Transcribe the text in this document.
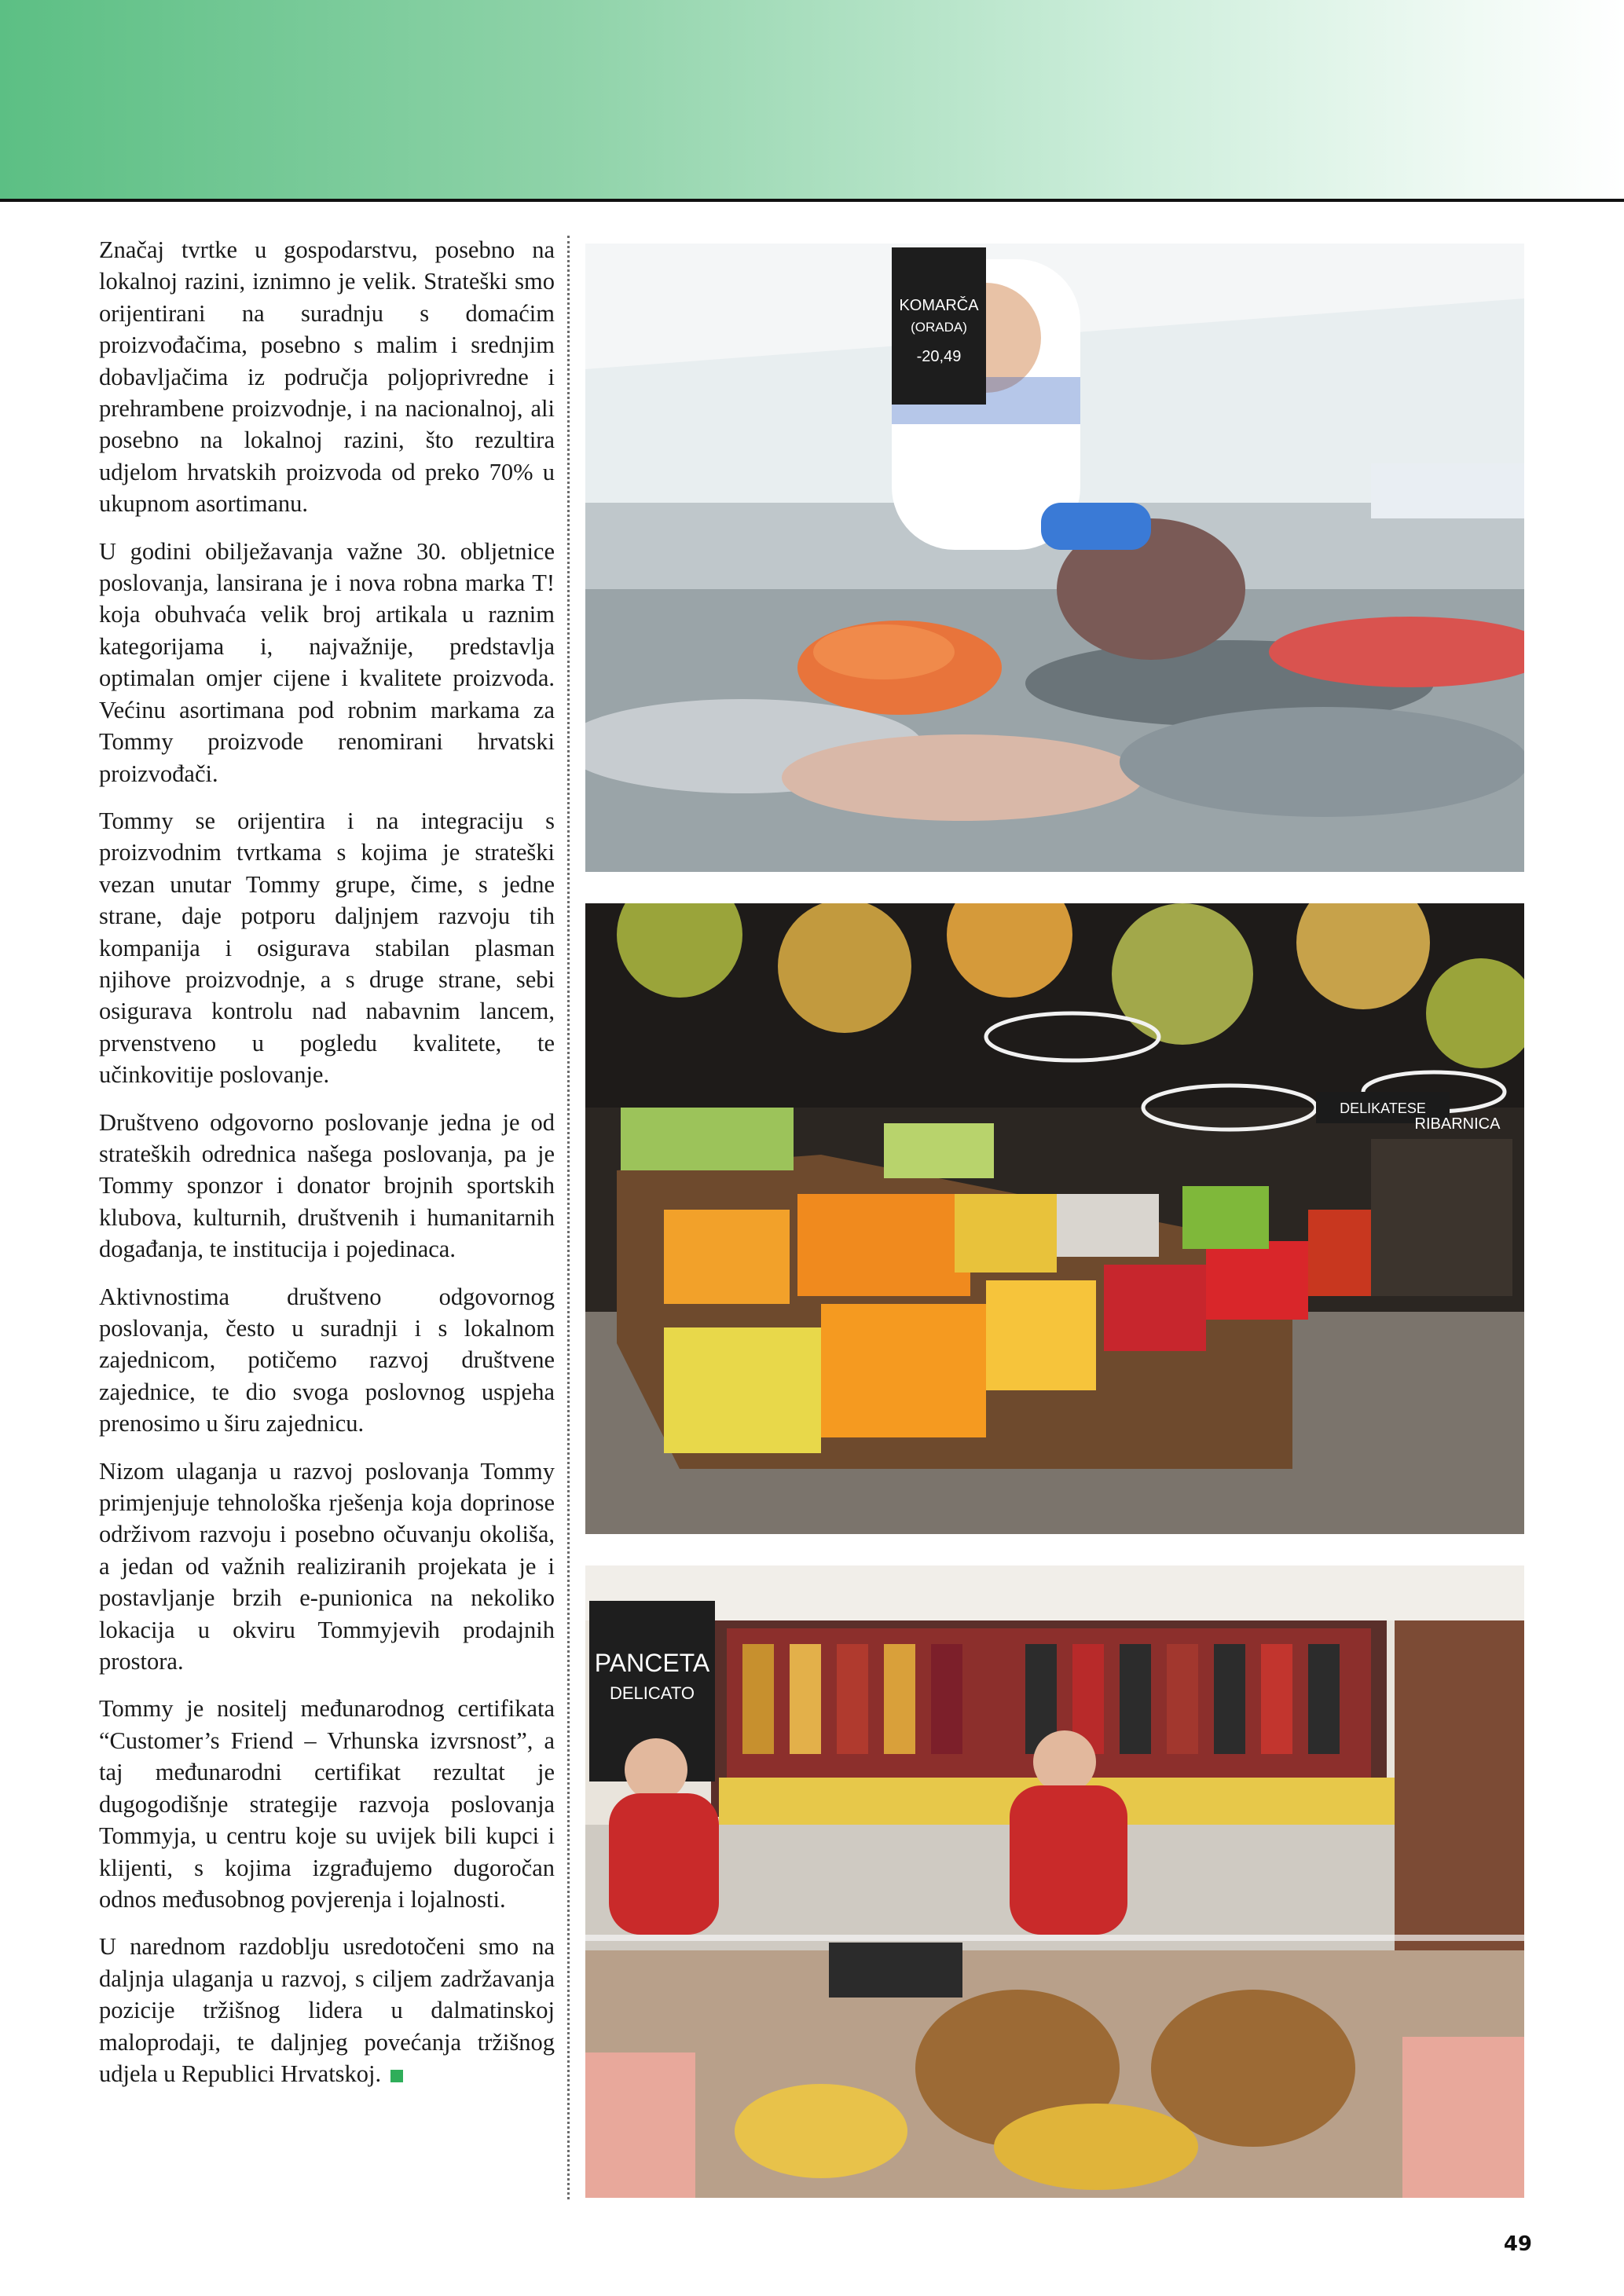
Značaj tvrtke u gospodarstvu, posebno na lokalnoj razini, iznimno je velik. Strateški smo orijentirani na suradnju s domaćim proizvođačima, posebno s malim i srednjim dobavljačima iz područja poljoprivredne i prehrambene proizvodnje, i na nacionalnoj, ali posebno na lokalnoj razini, što rezultira udjelom hrvatskih proizvoda od preko 70% u ukupnom asortimanu.

U godini obilježavanja važne 30. obljetnice poslovanja, lansirana je i nova robna marka T! koja obuhvaća velik broj artikala u raznim kategorijama i, najvažnije, predstavlja optimalan omjer cijene i kvalitete proizvoda. Većinu asortimana pod robnim markama za Tommy proizvode renomirani hrvatski proizvođači.

Tommy se orijentira i na integraciju s proizvodnim tvrtkama s kojima je strateški vezan unutar Tommy grupe, čime, s jedne strane, daje potporu daljnjem razvoju tih kompanija i osigurava stabilan plasman njihove proizvodnje, a s druge strane, sebi osigurava kontrolu nad nabavnim lancem, prvenstveno u pogledu kvalitete, te učinkovitije poslovanje.

Društveno odgovorno poslovanje jedna je od strateških odrednica našega poslovanja, pa je Tommy sponzor i donator brojnih sportskih klubova, kulturnih, društvenih i humanitarnih događanja, te institucija i pojedinaca.

Aktivnostima društveno odgovornog poslovanja, često u suradnji i s lokalnom zajednicom, potičemo razvoj društvene zajednice, te dio svoga poslovnog uspjeha prenosimo u širu zajednicu.

Nizom ulaganja u razvoj poslovanja Tommy primjenjuje tehnološka rješenja koja doprinose održivom razvoju i posebno očuvanju okoliša, a jedan od važnih realiziranih projekata je i postavljanje brzih e-punionica na nekoliko lokacija u okviru Tommyjevih prodajnih prostora.

Tommy je nositelj međunarodnog certifikata “Customer’s Friend – Vrhunska izvrsnost”, a taj međunarodni certifikat rezultat je dugogodišnje strategije razvoja poslovanja Tommyja, u centru koje su uvijek bili kupci i klijenti, s kojima izgrađujemo dugoročan odnos međusobnog povjerenja i lojalnosti.

U narednom razdoblju usredotočeni smo na daljnja ulaganja u razvoj, s ciljem zadržavanja pozicije tržišnog lidera u dalmatinskoj maloprodaji, te daljnjeg povećanja tržišnog udjela u Republici Hrvatskoj.

KOMARČA
(ORADA)
-20,49
DELIKATESE
RIBARNICA
PANCETA
DELICATO
49
